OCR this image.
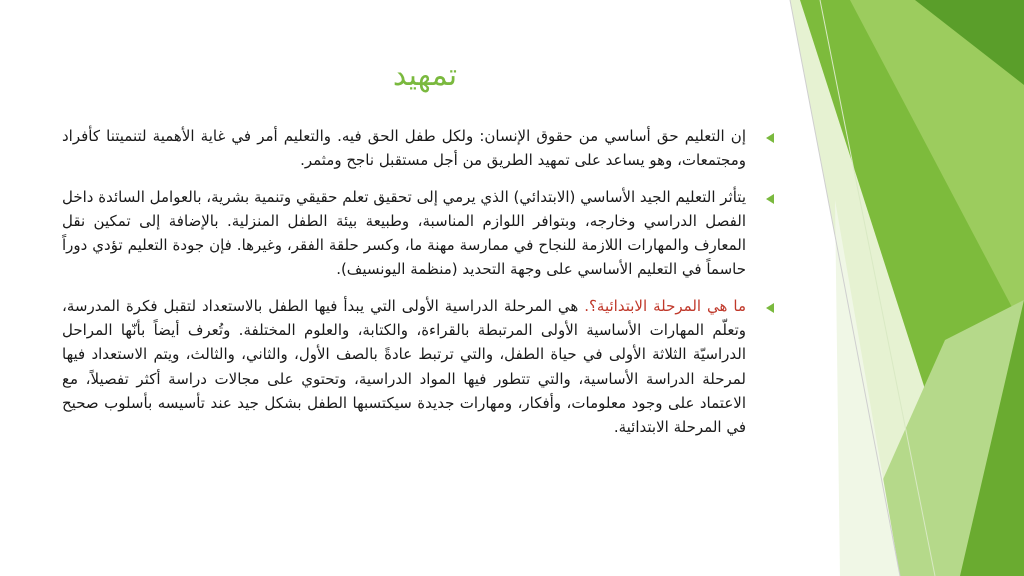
تمهيد

إن التعليم حق أساسي من حقوق الإنسان: ولكل طفل الحق فيه. والتعليم أمر في غاية الأهمية لتنميتنا كأفراد ومجتمعات، وهو يساعد على تمهيد الطريق من أجل مستقبل ناجح ومثمر.

يتأثر التعليم الجيد الأساسي (الابتدائي) الذي يرمي إلى تحقيق تعلم حقيقي وتنمية بشرية، بالعوامل السائدة داخل الفصل الدراسي وخارجه، وبتوافر اللوازم المناسبة، وطبيعة بيئة الطفل المنزلية. بالإضافة إلى تمكين نقل المعارف والمهارات اللازمة للنجاح في ممارسة مهنة ما، وكسر حلقة الفقر، وغيرها. فإن جودة التعليم تؤدي دوراً حاسماً في التعليم الأساسي على وجهة التحديد (منظمة اليونسيف).

ما هي المرحلة الابتدائية؟. هي المرحلة الدراسية الأولى التي يبدأ فيها الطفل بالاستعداد لتقبل فكرة المدرسة، وتعلّم المهارات الأساسية الأولى المرتبطة بالقراءة، والكتابة، والعلوم المختلفة. وتُعرف أيضاً بأنّها المراحل الدراسيّة الثلاثة الأولى في حياة الطفل، والتي ترتبط عادةً بالصف الأول، والثاني، والثالث، ويتم الاستعداد فيها لمرحلة الدراسة الأساسية، والتي تتطور فيها المواد الدراسية، وتحتوي على مجالات دراسة أكثر تفصيلاً، مع الاعتماد على وجود معلومات، وأفكار، ومهارات جديدة سيكتسبها الطفل بشكل جيد عند تأسيسه بأسلوب صحيح في المرحلة الابتدائية.
